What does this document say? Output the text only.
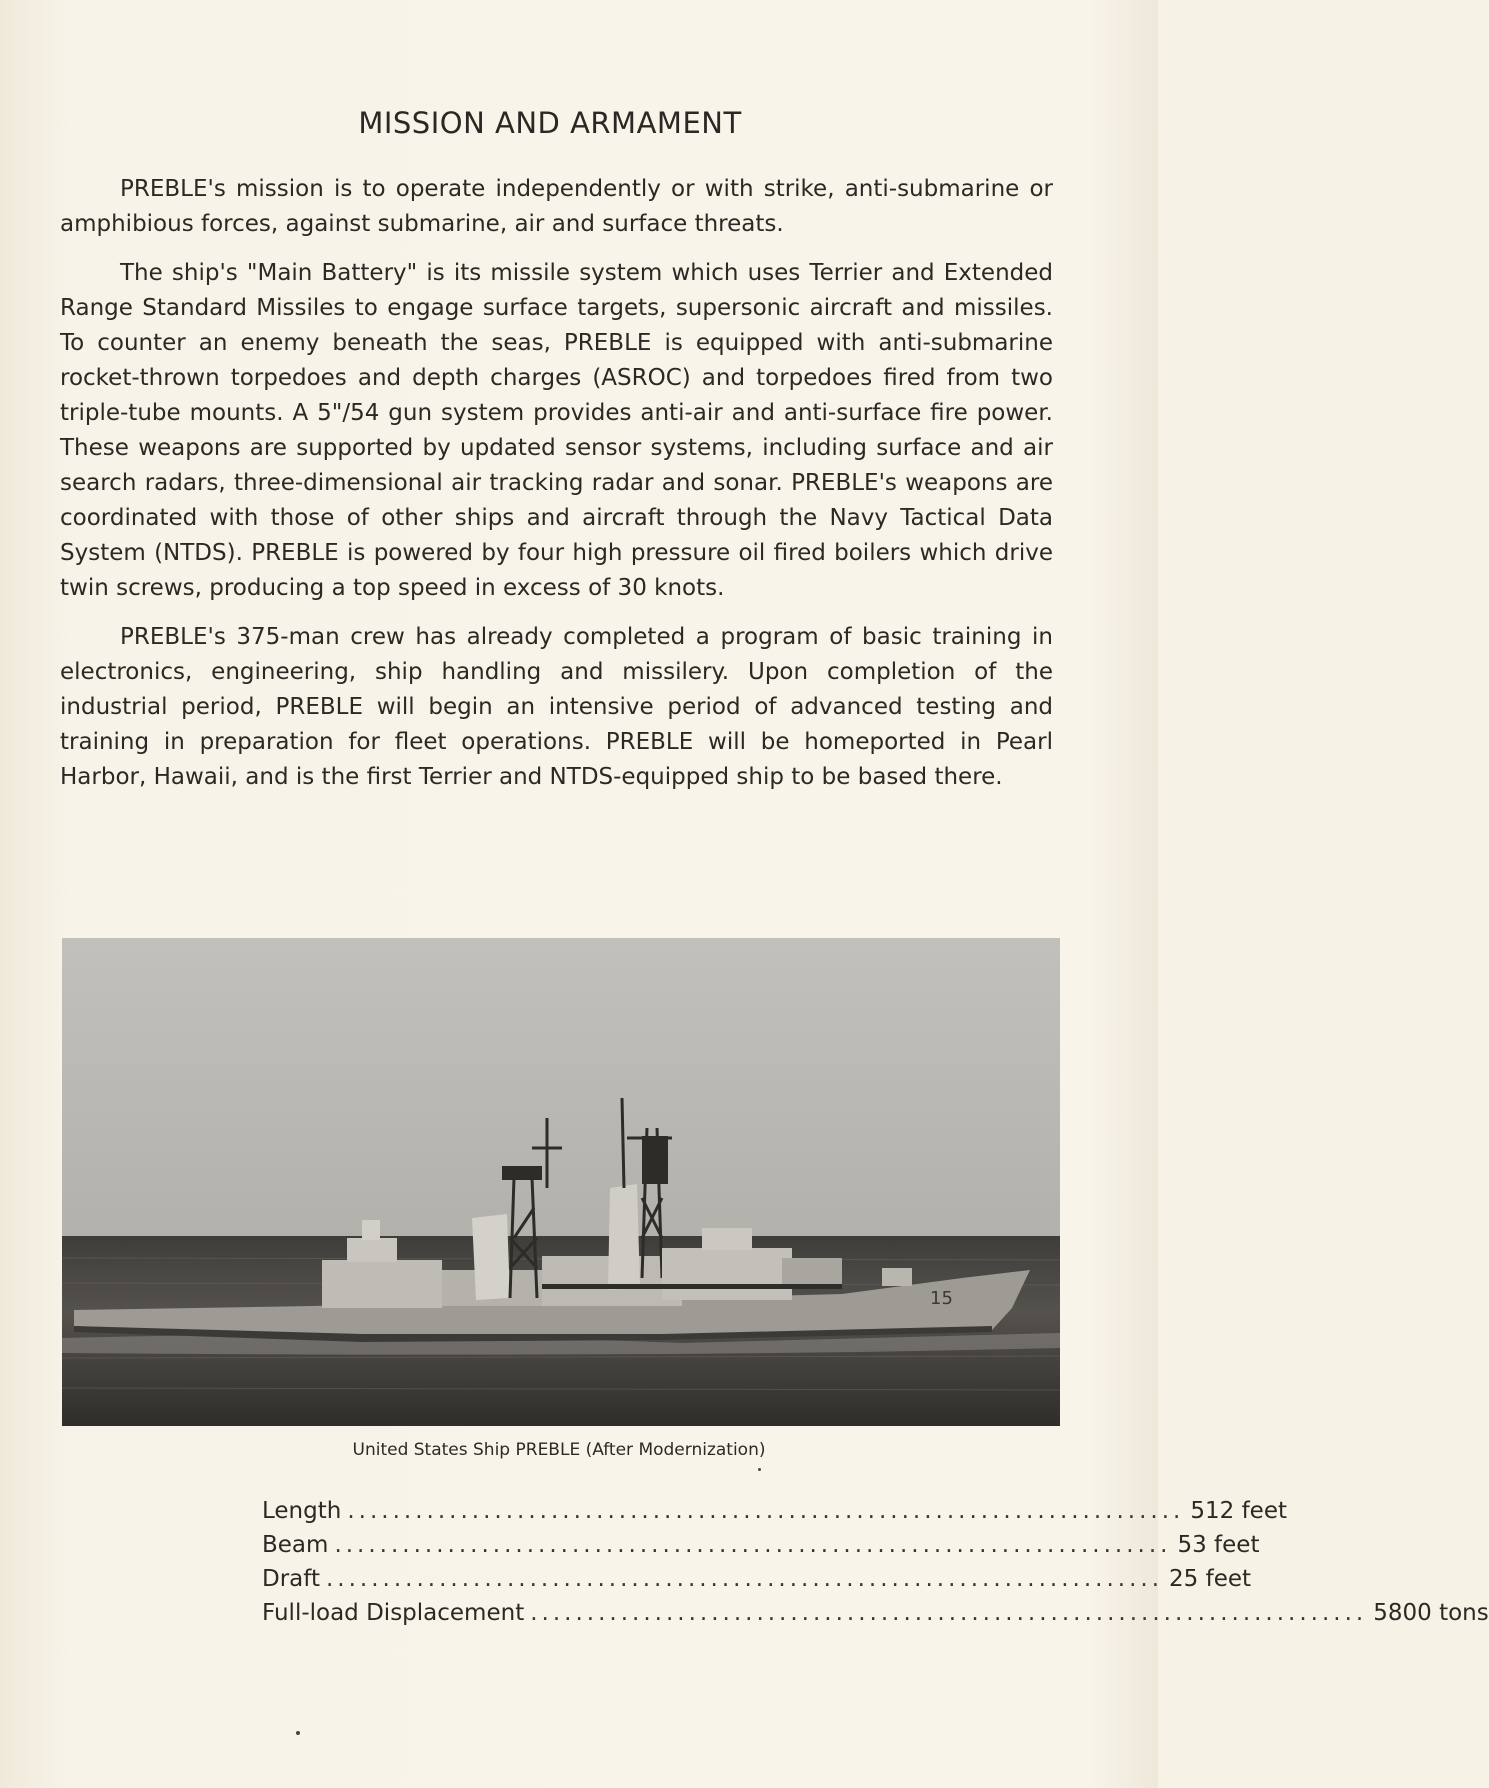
MISSION AND ARMAMENT

PREBLE's mission is to operate independently or with strike, anti-submarine or amphibious forces, against submarine, air and surface threats.

The ship's "Main Battery" is its missile system which uses Terrier and Extended Range Standard Missiles to engage surface targets, supersonic aircraft and missiles. To counter an enemy beneath the seas, PREBLE is equipped with anti-submarine rocket-thrown torpedoes and depth charges (ASROC) and torpedoes fired from two triple-tube mounts. A 5"/54 gun system provides anti-air and anti-surface fire power. These weapons are supported by updated sensor systems, including surface and air search radars, three-dimensional air tracking radar and sonar. PREBLE's weapons are coordinated with those of other ships and aircraft through the Navy Tactical Data System (NTDS). PREBLE is powered by four high pressure oil fired boilers which drive twin screws, producing a top speed in excess of 30 knots.

PREBLE's 375-man crew has already completed a program of basic training in electronics, engineering, ship handling and missilery. Upon completion of the industrial period, PREBLE will begin an intensive period of advanced testing and training in preparation for fleet operations. PREBLE will be homeported in Pearl Harbor, Hawaii, and is the first Terrier and NTDS-equipped ship to be based there.

15
United States Ship PREBLE (After Modernization)
Length .......................................................................... 512 feet
Beam .......................................................................... 53 feet
Draft .......................................................................... 25 feet
Full-load Displacement .......................................................................... 5800 tons
